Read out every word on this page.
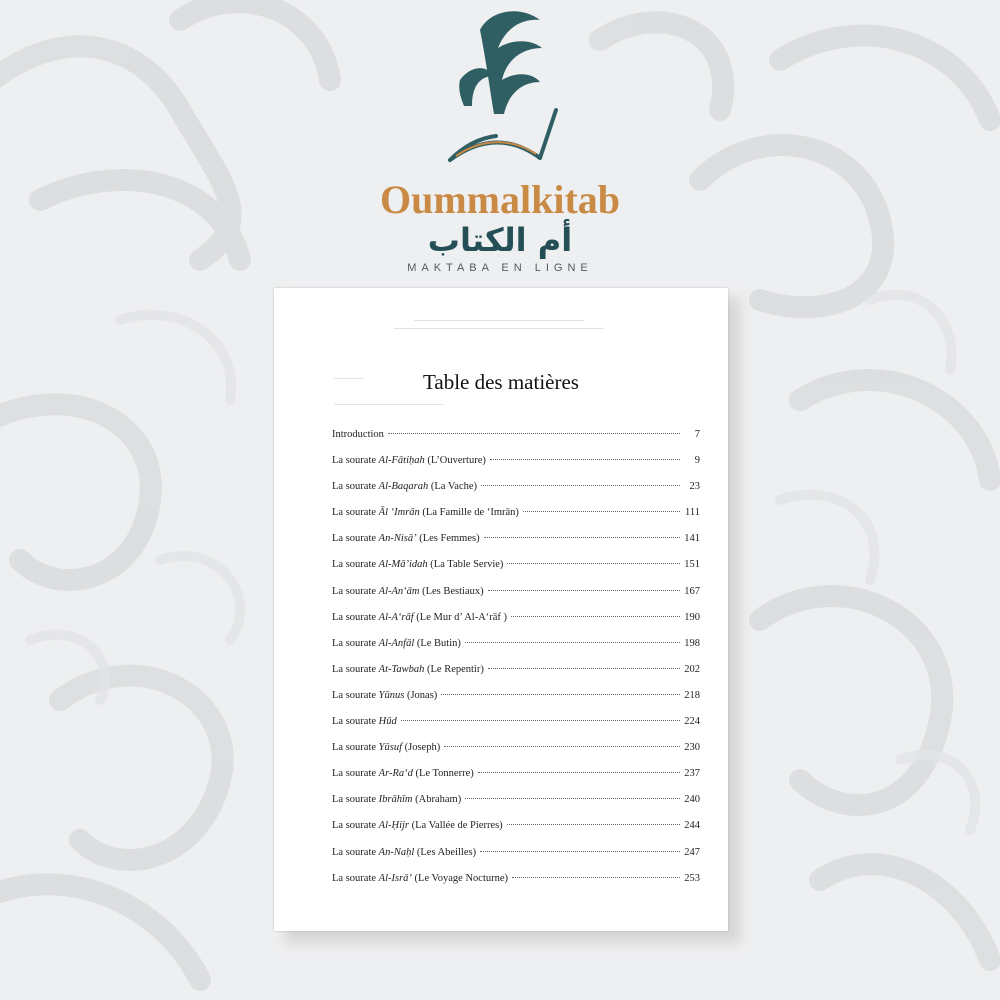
Oummalkitab
أم الكتاب
MAKTABA EN LIGNE
Table des matières
Introduction	7
La sourate Al-Fātiḥah (L’Ouverture)	9
La sourate Al-Baqarah (La Vache)	23
La sourate Āl ‘Imrān (La Famille de ‘Imrān)	111
La sourate An-Nisā’ (Les Femmes)	141
La sourate Al-Mā’idah (La Table Servie)	151
La sourate Al-An‘ām (Les Bestiaux)	167
La sourate Al-A‘rāf (Le Mur d’ Al-A‘rāf )	190
La sourate Al-Anfāl (Le Butin)	198
La sourate At-Tawbah (Le Repentir)	202
La sourate Yūnus (Jonas)	218
La sourate Hūd	224
La sourate Yūsuf (Joseph)	230
La sourate Ar-Ra‘d (Le Tonnerre)	237
La sourate Ibrāhīm (Abraham)	240
La sourate Al-Ḥijr (La Vallée de Pierres)	244
La sourate An-Naḥl (Les Abeilles)	247
La sourate Al-Isrā’ (Le Voyage Nocturne)	253
